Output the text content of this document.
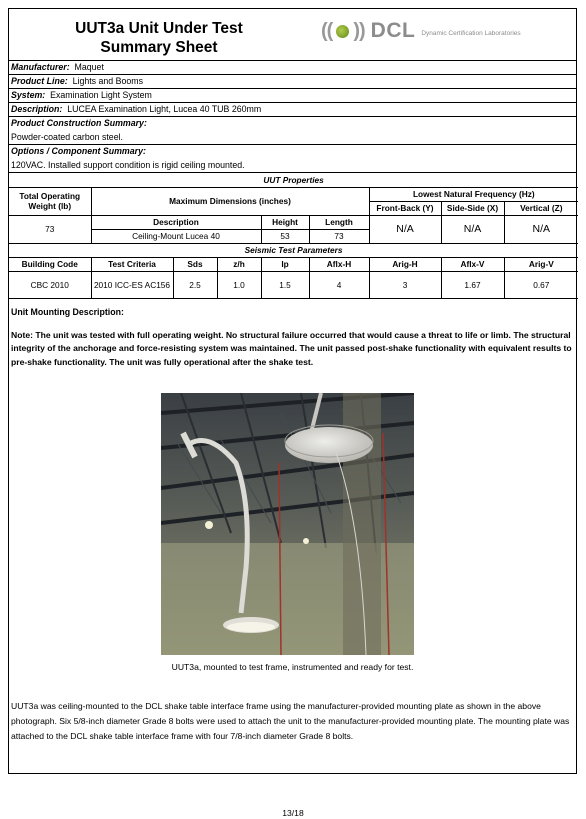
UUT3a Unit Under Test
Summary Sheet
(( )) DCL Dynamic Certification Laboratories
Manufacturer: Maquet
Product Line: Lights and Booms
System: Examination Light System
Description: LUCEA Examination Light, Lucea 40 TUB 260mm
Product Construction Summary:
Powder-coated carbon steel.
Options / Component Summary:
120VAC. Installed support condition is rigid ceiling mounted.
UUT Properties								
Total Operating Weight (lb)	Maximum Dimensions (inches)					Lowest Natural Frequency (Hz)		
						Front-Back (Y)	Side-Side (X)	Vertical (Z)
73	Description			Height	Length	N/A	N/A	N/A
	Ceiling-Mount Lucea 40			53	73			
Seismic Test Parameters								
Building Code	Test Criteria	Sds	z/h	Ip	Aflx-H	Arig-H	Aflx-V	Arig-V
CBC 2010	2010 ICC-ES AC156	2.5	1.0	1.5	4	3	1.67	0.67
Unit Mounting Description:
Note: The unit was tested with full operating weight. No structural failure occurred that would cause a threat to life or limb. The structural integrity of the anchorage and force-resisting system was maintained. The unit passed post-shake functionality with equivalent results to pre-shake functionality. The unit was fully operational after the shake test.
UUT3a, mounted to test frame, instrumented and ready for test.
UUT3a was ceiling-mounted to the DCL shake table interface frame using the manufacturer-provided mounting plate as shown in the above photograph. Six 5/8-inch diameter Grade 8 bolts were used to attach the unit to the manufacturer-provided mounting plate. The mounting plate was attached to the DCL shake table interface frame with four 7/8-inch diameter Grade 8 bolts.
13/18
